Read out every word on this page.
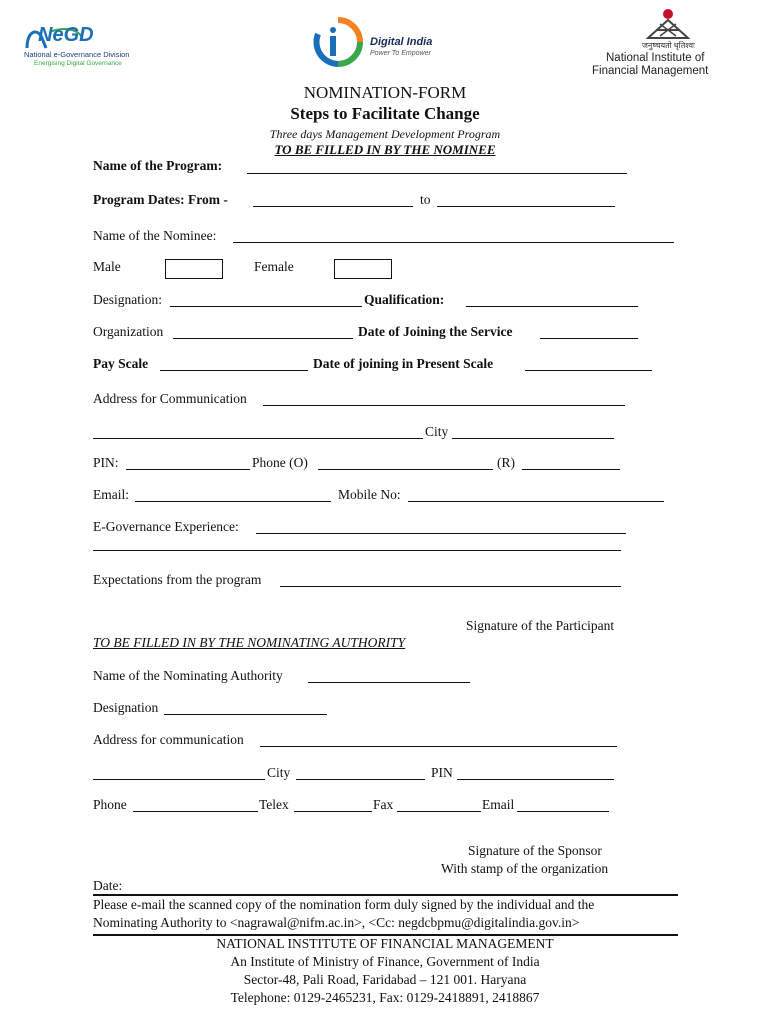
NeGD
National e-Governance Division
Energising Digital Governance
Digital India
Power To Empower
जनुष्चयतो धृतिश्वः
National Institute of
Financial Management
NOMINATION-FORM
Steps to Facilitate Change
Three days Management Development Program
TO BE FILLED IN BY THE NOMINEE
Name of the Program:
Program Dates: From -	to
Name of the Nominee:
Male	Female
Designation:	Qualification:
Organization	Date of Joining the Service
Pay Scale	Date of joining in Present Scale
Address for Communication
City
PIN:	Phone (O)	(R)
Email:	Mobile No:
E-Governance Experience:
Expectations from the program
Signature of the Participant
TO BE FILLED IN BY THE NOMINATING AUTHORITY
Name of the Nominating Authority
Designation
Address for communication
City	PIN
Phone	Telex	Fax	Email
Signature of the Sponsor
With stamp of the organization
Date:
Please e-mail the scanned copy of the nomination form duly signed by the individual and the
Nominating Authority to <nagrawal@nifm.ac.in>, <Cc: negdcbpmu@digitalindia.gov.in>
NATIONAL INSTITUTE OF FINANCIAL MANAGEMENT
An Institute of Ministry of Finance, Government of India
Sector-48, Pali Road, Faridabad – 121 001. Haryana
Telephone: 0129-2465231, Fax: 0129-2418891, 2418867
